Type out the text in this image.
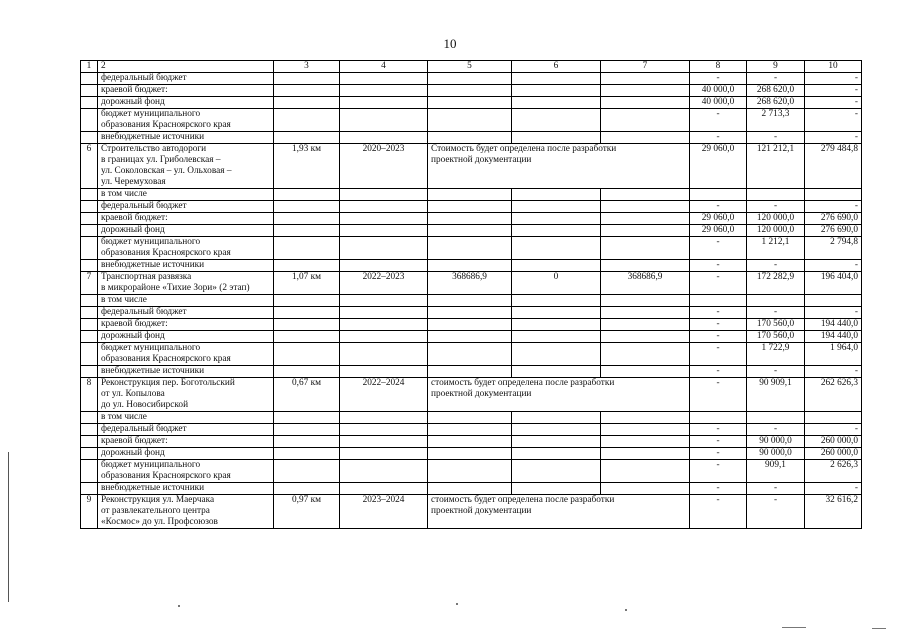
10
1	2	3	4	5	6	7	8	9	10
	федеральный бюджет						-	-	-
	краевой бюджет:						40 000,0	268 620,0	-
	дорожный фонд						40 000,0	268 620,0	-
	бюджет муниципального
образования Красноярского края						-	2 713,3	-
	внебюджетные источники						-	-	-
6	Строительство автодороги
в границах ул. Гриболевская –
ул. Соколовская – ул. Ольховая –
ул. Черемуховая	1,93 км	2020–2023	Стоимость будет определена после разработки
проектной документации			29 060,0	121 212,1	279 484,8
	в том числе								
	федеральный бюджет						-	-	-
	краевой бюджет:						29 060,0	120 000,0	276 690,0
	дорожный фонд						29 060,0	120 000,0	276 690,0
	бюджет муниципального
образования Красноярского края						-	1 212,1	2 794,8
	внебюджетные источники						-	-	-
7	Транспортная развязка
в микрорайоне «Тихие Зори» (2 этап)	1,07 км	2022–2023	368686,9	0	368686,9	-	172 282,9	196 404,0
	в том числе								
	федеральный бюджет						-	-	-
	краевой бюджет:						-	170 560,0	194 440,0
	дорожный фонд						-	170 560,0	194 440,0
	бюджет муниципального
образования Красноярского края						-	1 722,9	1 964,0
	внебюджетные источники						-	-	-
8	Реконструкция пер. Боготольский
от ул. Копылова
до ул. Новосибирской	0,67 км	2022–2024	стоимость будет определена после разработки
проектной документации			-	90 909,1	262 626,3
	в том числе								
	федеральный бюджет						-	-	-
	краевой бюджет:						-	90 000,0	260 000,0
	дорожный фонд						-	90 000,0	260 000,0
	бюджет муниципального
образования Красноярского края						-	909,1	2 626,3
	внебюджетные источники						-	-	-
9	Реконструкция ул. Маерчака
от развлекательного центра
«Космос» до ул. Профсоюзов	0,97 км	2023–2024	стоимость будет определена после разработки
проектной документации			-	-	32 616,2
